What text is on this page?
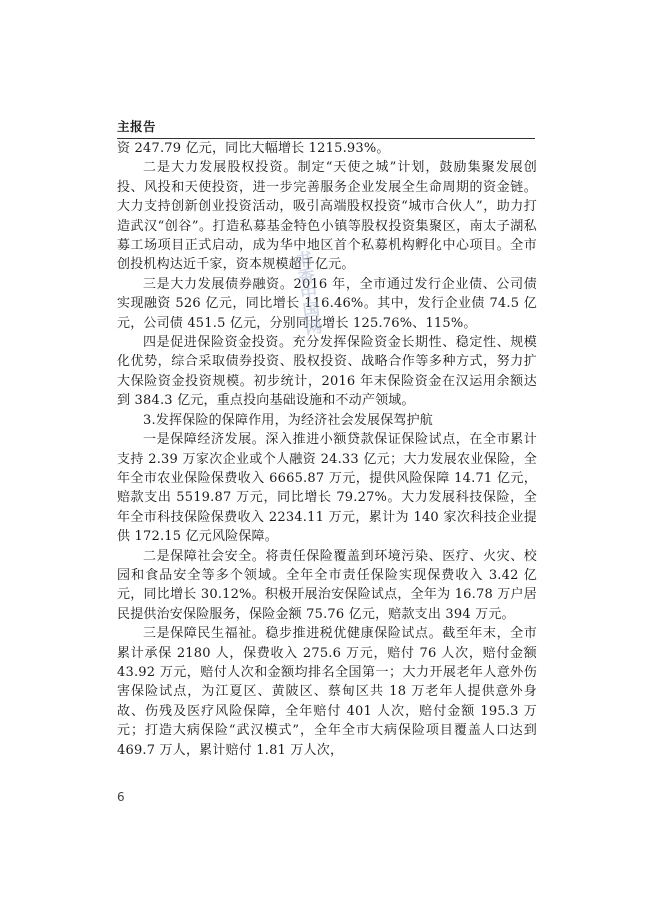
主报告

资 247.79 亿元，同比大幅增长 1215.93%。

二是大力发展股权投资。制定“天使之城”计划，鼓励集聚发展创投、风投和天使投资，进一步完善服务企业发展全生命周期的资金链。大力支持创新创业投资活动，吸引高端股权投资“城市合伙人”，助力打造武汉“创谷”。打造私募基金特色小镇等股权投资集聚区，南太子湖私募工场项目正式启动，成为华中地区首个私募机构孵化中心项目。全市创投机构达近千家，资本规模超千亿元。

三是大力发展债券融资。2016 年，全市通过发行企业债、公司债实现融资 526 亿元，同比增长 116.46%。其中，发行企业债 74.5 亿元，公司债 451.5 亿元，分别同比增长 125.76%、115%。

四是促进保险资金投资。充分发挥保险资金长期性、稳定性、规模化优势，综合采取债券投资、股权投资、战略合作等多种方式，努力扩大保险资金投资规模。初步统计，2016 年末保险资金在汉运用余额达到 384.3 亿元，重点投向基础设施和不动产领域。

3.发挥保险的保障作用，为经济社会发展保驾护航

一是保障经济发展。深入推进小额贷款保证保险试点，在全市累计支持 2.39 万家次企业或个人融资 24.33 亿元；大力发展农业保险，全年全市农业保险保费收入 6665.87 万元，提供风险保障 14.71 亿元，赔款支出 5519.87 万元，同比增长 79.27%。大力发展科技保险，全年全市科技保险保费收入 2234.11 万元，累计为 140 家次科技企业提供 172.15 亿元风险保障。

二是保障社会安全。将责任保险覆盖到环境污染、医疗、火灾、校园和食品安全等多个领域。全年全市责任保险实现保费收入 3.42 亿元，同比增长 30.12%。积极开展治安保险试点，全年为 16.78 万户居民提供治安保险服务，保险金额 75.76 亿元，赔款支出 394 万元。

三是保障民生福祉。稳步推进税优健康保险试点。截至年末，全市累计承保 2180 人，保费收入 275.6 万元，赔付 76 人次，赔付金额 43.92 万元，赔付人次和金额均排名全国第一；大力开展老年人意外伤害保险试点，为江夏区、黄陂区、蔡甸区共 18 万老年人提供意外身故、伤残及医疗风险保障，全年赔付 401 人次，赔付金额 195.3 万元；打造大病保险“武汉模式”，全年全市大病保险项目覆盖人口达到 469.7 万人，累计赔付 1.81 万人次，

书香中国网
6
